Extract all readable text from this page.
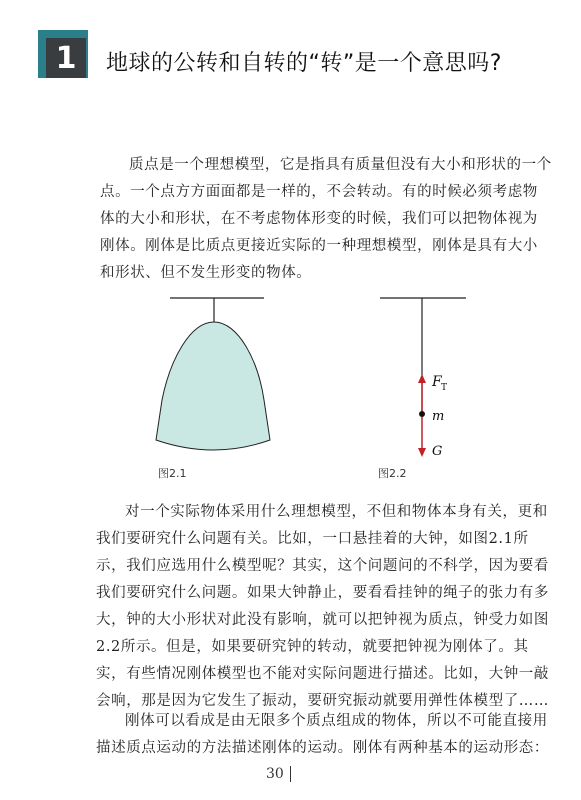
1	地球的公转和自转的“转”是一个意思吗?
质点是一个理想模型，它是指具有质量但没有大小和形状的一个点。一个点方方面面都是一样的，不会转动。有的时候必须考虑物体的大小和形状，在不考虑物体形变的时候，我们可以把物体视为刚体。刚体是比质点更接近实际的一种理想模型，刚体是具有大小和形状、但不发生形变的物体。
F T
m
G
图2.1	图2.2
对一个实际物体采用什么理想模型，不但和物体本身有关，更和我们要研究什么问题有关。比如，一口悬挂着的大钟，如图2.1所示，我们应选用什么模型呢？其实，这个问题问的不科学，因为要看我们要研究什么问题。如果大钟静止，要看看挂钟的绳子的张力有多大，钟的大小形状对此没有影响，就可以把钟视为质点，钟受力如图2.2所示。但是，如果要研究钟的转动，就要把钟视为刚体了。其实，有些情况刚体模型也不能对实际问题进行描述。比如，大钟一敲会响，那是因为它发生了振动，要研究振动就要用弹性体模型了……
刚体可以看成是由无限多个质点组成的物体，所以不可能直接用描述质点运动的方法描述刚体的运动。刚体有两种基本的运动形态：
30
